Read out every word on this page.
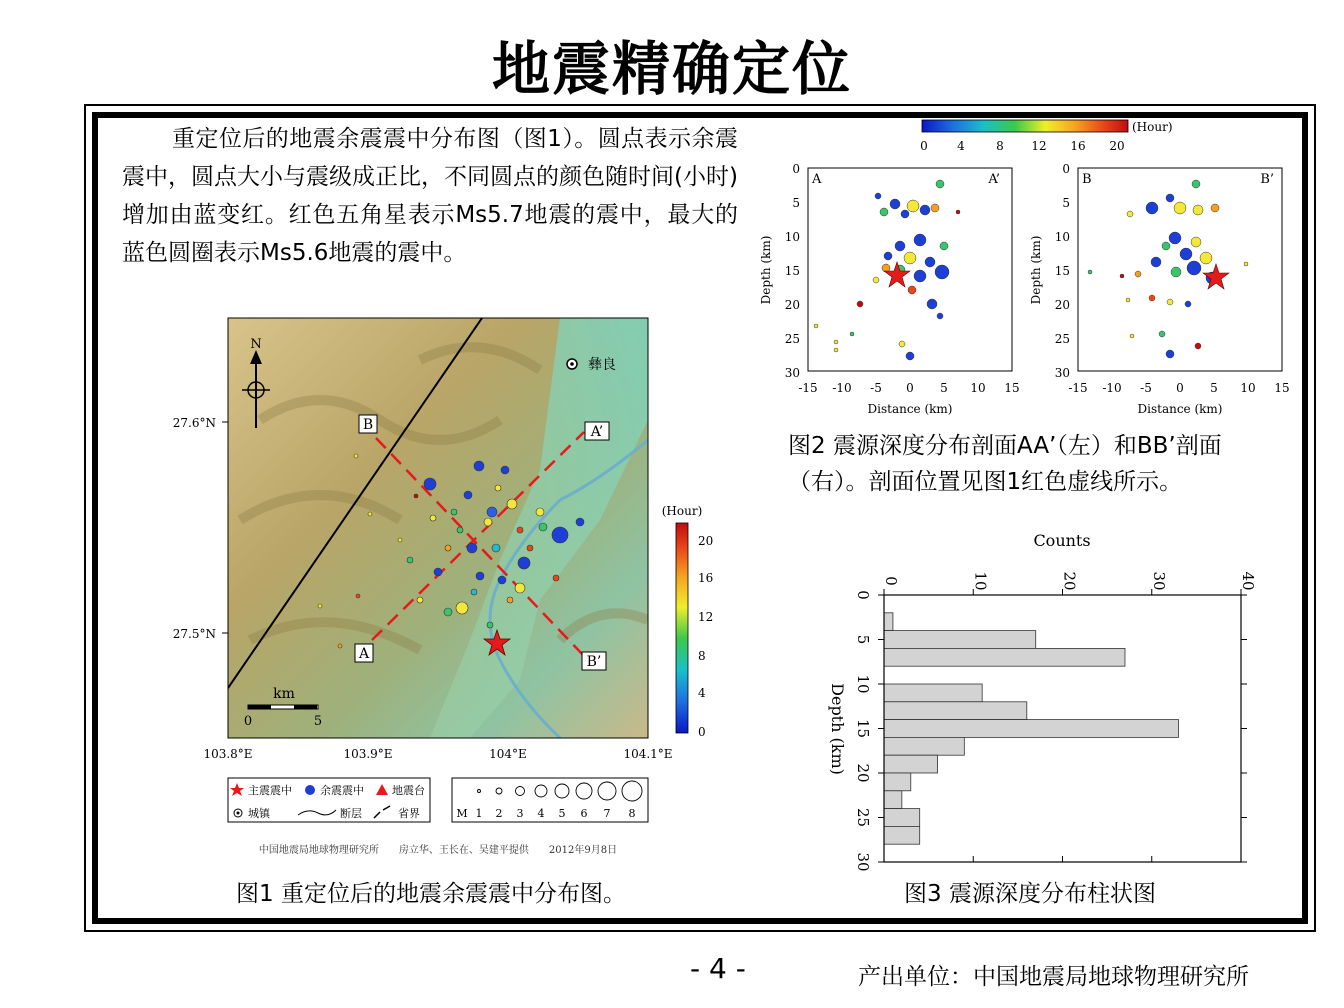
地震精确定位
重定位后的地震余震震中分布图（图1）。圆点表示余震震中，圆点大小与震级成正比，不同圆点的颜色随时间(小时)增加由蓝变红。红色五角星表示Ms5.7地震的震中，最大的蓝色圆圈表示Ms5.6地震的震中。
A
A’
B
B’
彝良
N
km
0	5
27.6°N
27.5°N
103.8°E	103.9°E	104°E	104.1°E
(Hour)
20
16
12
8
4
0
主震震中	余震震中	地震台
城镇	断层	省界	M 1 2 3 4 5 6 7 8
中国地震局地球物理研究所　　房立华、王长在、吴建平提供　　2012年9月8日
图1 重定位后的地震余震震中分布图。
(Hour)
0 4	8 12 16 20
A	A’
0
5
10
15
20
25
30
-15 -10 -5 0 5 10 15
Distance (km)
Depth (km)
B	B’
0
5
10
15
20
25
30
-15 -10 -5 0 5 10 15
Distance (km)
Depth (km)
图2 震源深度分布剖面AA’（左）和BB’剖面（右）。剖面位置见图1红色虚线所示。
Counts
0	10	20	30	40
0
5
10
15
20
25
30
Depth (km)
图3 震源深度分布柱状图
- 4 -	产出单位：中国地震局地球物理研究所
